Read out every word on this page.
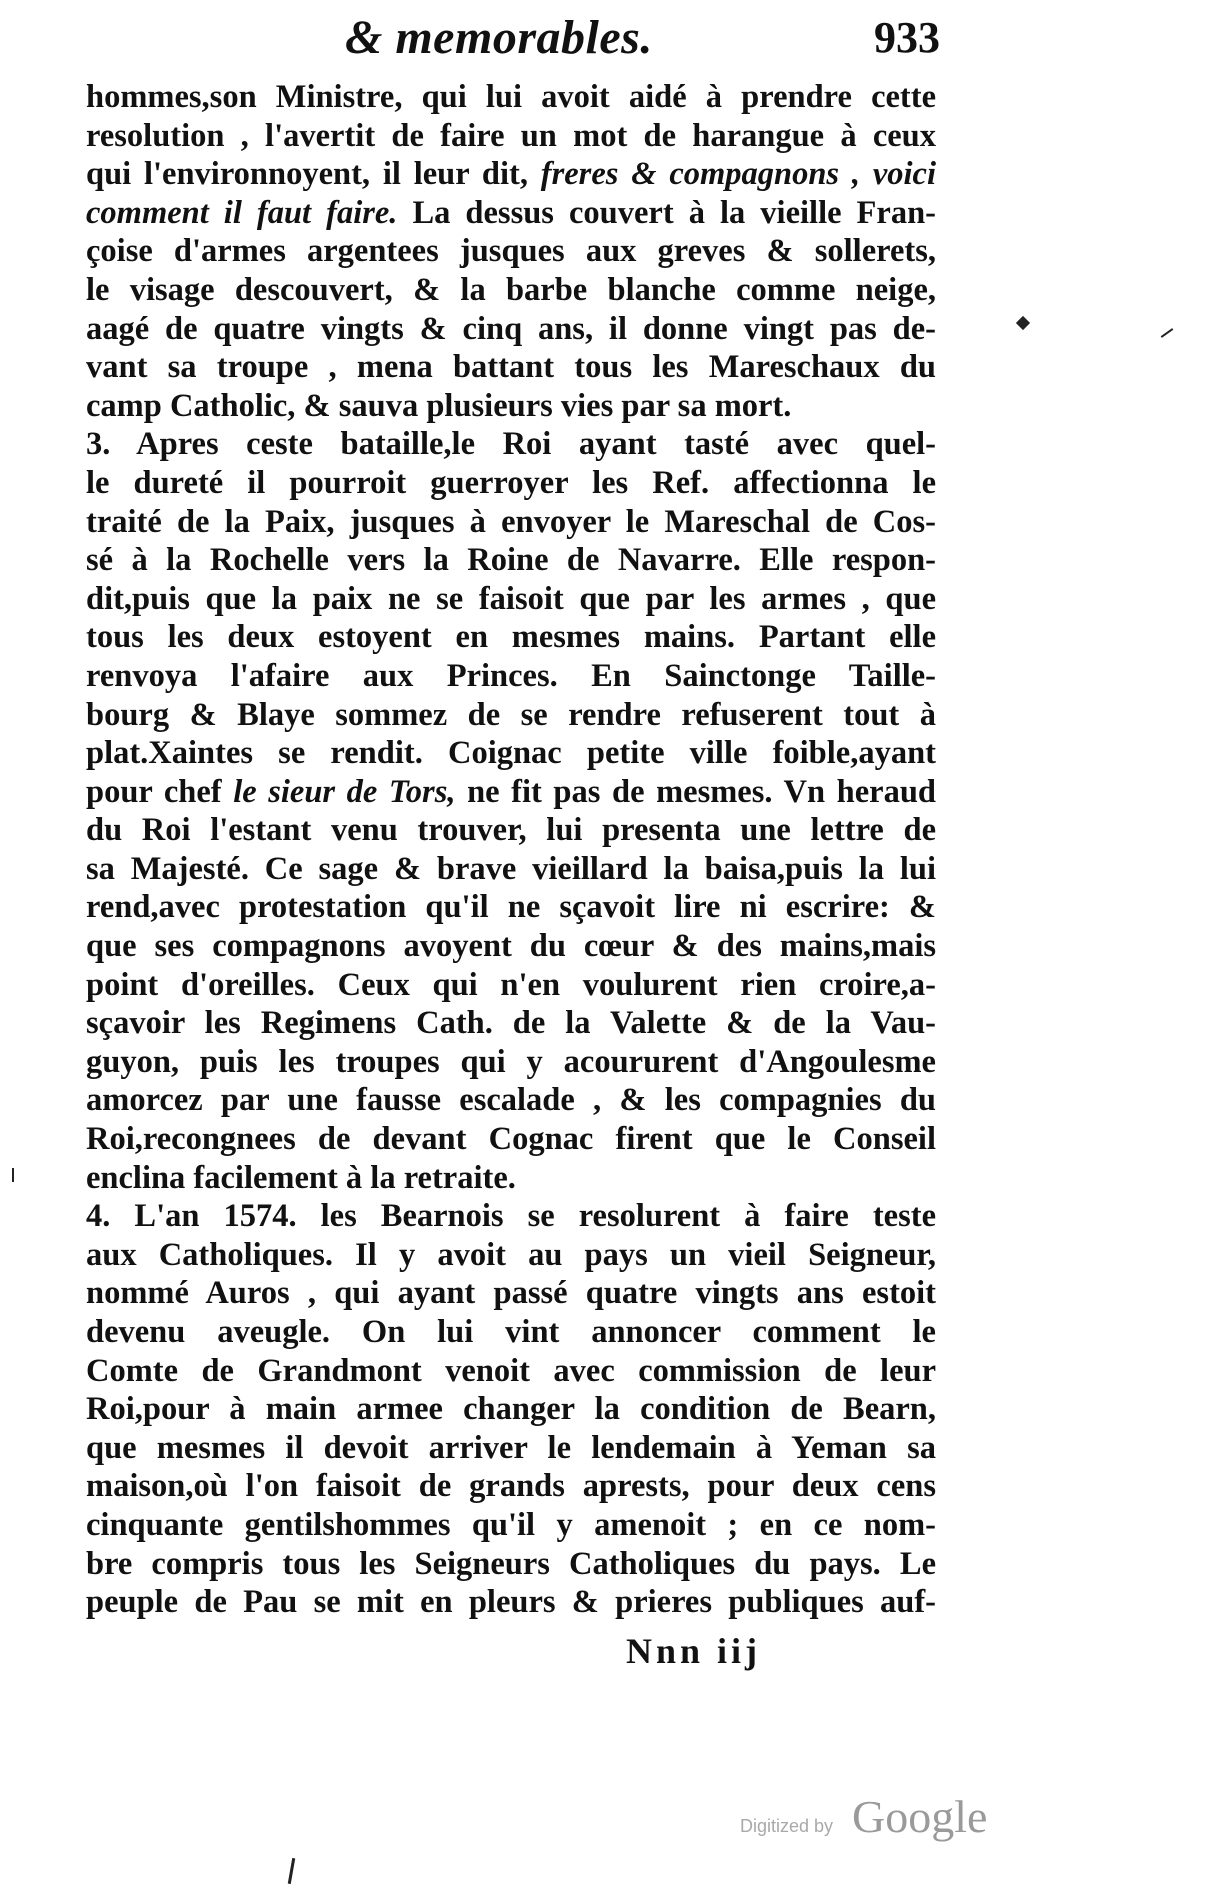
& memorables.	933
hommes,son Ministre, qui lui avoit aidé à prendre cette
resolution , l'avertit de faire un mot de harangue à ceux
qui l'environnoyent, il leur dit, freres & compagnons , voici
comment il faut faire. La dessus couvert à la vieille Fran-
çoise d'armes argentees jusques aux greves & sollerets,
le visage descouvert, & la barbe blanche comme neige,
aagé de quatre vingts & cinq ans, il donne vingt pas de-
vant sa troupe , mena battant tous les Mareschaux du
camp Catholic, & sauva plusieurs vies par sa mort.
3. Apres ceste bataille,le Roi ayant tasté avec quel-
le dureté il pourroit guerroyer les Ref. affectionna le
traité de la Paix, jusques à envoyer le Mareschal de Cos-
sé à la Rochelle vers la Roine de Navarre. Elle respon-
dit,puis que la paix ne se faisoit que par les armes , que
tous les deux estoyent en mesmes mains. Partant elle
renvoya l'afaire aux Princes. En Sainctonge Taille-
bourg & Blaye sommez de se rendre refuserent tout à
plat.Xaintes se rendit. Coignac petite ville foible,ayant
pour chef le sieur de Tors, ne fit pas de mesmes. Vn heraud
du Roi l'estant venu trouver, lui presenta une lettre de
sa Majesté. Ce sage & brave vieillard la baisa,puis la lui
rend,avec protestation qu'il ne sçavoit lire ni escrire: &
que ses compagnons avoyent du cœur & des mains,mais
point d'oreilles. Ceux qui n'en voulurent rien croire,a-
sçavoir les Regimens Cath. de la Valette & de la Vau-
guyon, puis les troupes qui y acoururent d'Angoulesme
amorcez par une fausse escalade , & les compagnies du
Roi,recongnees de devant Cognac firent que le Conseil
enclina facilement à la retraite.
4. L'an 1574. les Bearnois se resolurent à faire teste
aux Catholiques. Il y avoit au pays un vieil Seigneur,
nommé Auros , qui ayant passé quatre vingts ans estoit
devenu aveugle. On lui vint annoncer comment le
Comte de Grandmont venoit avec commission de leur
Roi,pour à main armee changer la condition de Bearn,
que mesmes il devoit arriver le lendemain à Yeman sa
maison,où l'on faisoit de grands aprests, pour deux cens
cinquante gentilshommes qu'il y amenoit ; en ce nom-
bre compris tous les Seigneurs Catholiques du pays. Le
peuple de Pau se mit en pleurs & prieres publiques auf-
Nnn iij
Digitized by Google
